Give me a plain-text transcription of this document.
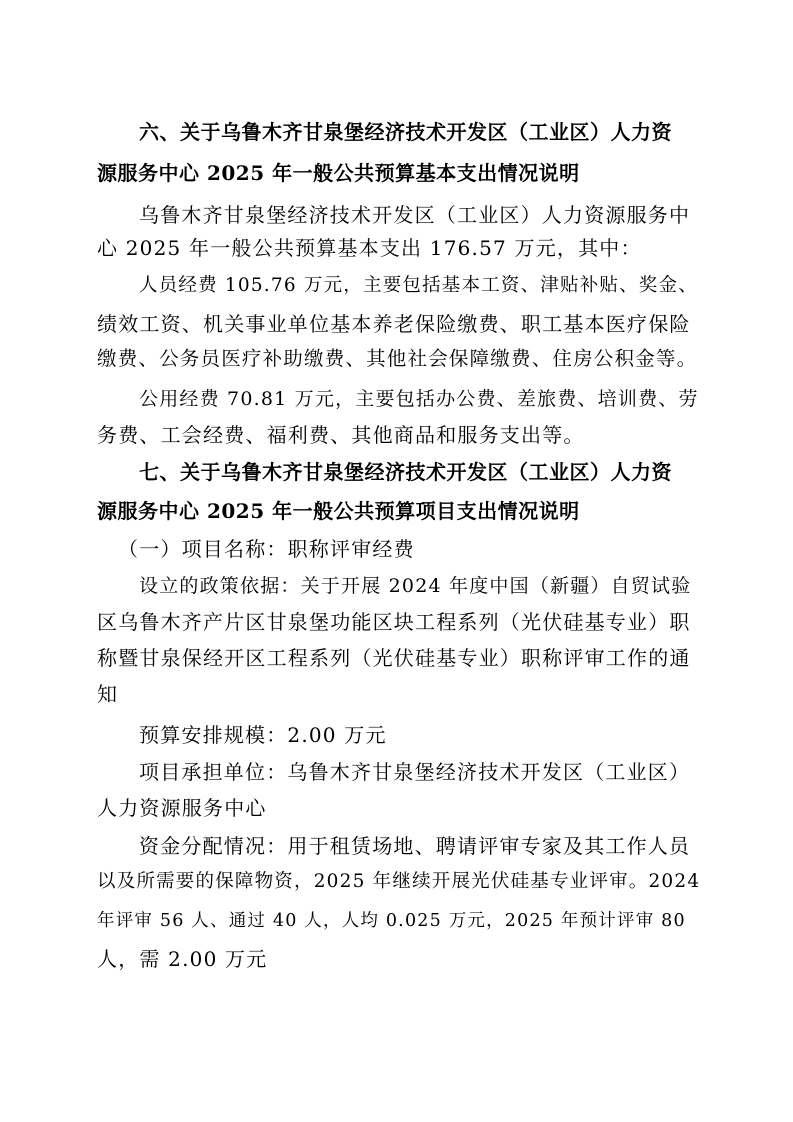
六、关于乌鲁木齐甘泉堡经济技术开发区（工业区）人力资
源服务中心 2025 年一般公共预算基本支出情况说明
乌鲁木齐甘泉堡经济技术开发区（工业区）人力资源服务中
心 2025 年一般公共预算基本支出 176.57 万元，其中：
人员经费 105.76 万元，主要包括基本工资、津贴补贴、奖金、
绩效工资、机关事业单位基本养老保险缴费、职工基本医疗保险
缴费、公务员医疗补助缴费、其他社会保障缴费、住房公积金等。
公用经费 70.81 万元，主要包括办公费、差旅费、培训费、劳
务费、工会经费、福利费、其他商品和服务支出等。
七、关于乌鲁木齐甘泉堡经济技术开发区（工业区）人力资
源服务中心 2025 年一般公共预算项目支出情况说明
（一）项目名称：职称评审经费
设立的政策依据：关于开展 2024 年度中国（新疆）自贸试验
区乌鲁木齐产片区甘泉堡功能区块工程系列（光伏硅基专业）职
称暨甘泉保经开区工程系列（光伏硅基专业）职称评审工作的通
知
预算安排规模：2.00 万元
项目承担单位：乌鲁木齐甘泉堡经济技术开发区（工业区）
人力资源服务中心
资金分配情况：用于租赁场地、聘请评审专家及其工作人员
以及所需要的保障物资，2025 年继续开展光伏硅基专业评审。2024
年评审 56 人、通过 40 人，人均 0.025 万元，2025 年预计评审 80
人，需 2.00 万元
